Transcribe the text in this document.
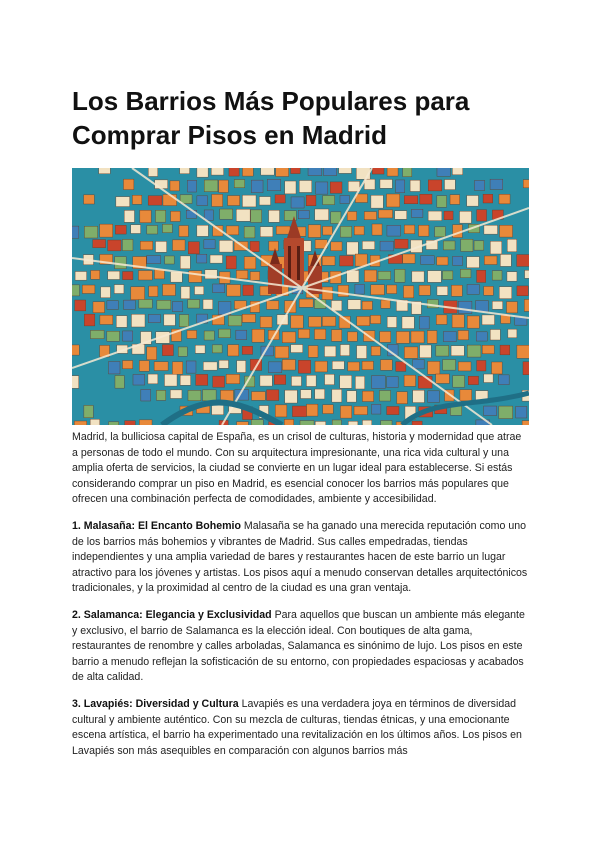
Los Barrios Más Populares para Comprar Pisos en Madrid

Madrid, la bulliciosa capital de España, es un crisol de culturas, historia y modernidad que atrae a personas de todo el mundo. Con su arquitectura impresionante, una rica vida cultural y una amplia oferta de servicios, la ciudad se convierte en un lugar ideal para establecerse. Si estás considerando comprar un piso en Madrid, es esencial conocer los barrios más populares que ofrecen una combinación perfecta de comodidades, ambiente y accesibilidad.

1. Malasaña: El Encanto Bohemio Malasaña se ha ganado una merecida reputación como uno de los barrios más bohemios y vibrantes de Madrid. Sus calles empedradas, tiendas independientes y una amplia variedad de bares y restaurantes hacen de este barrio un lugar atractivo para los jóvenes y artistas. Los pisos aquí a menudo conservan detalles arquitectónicos tradicionales, y la proximidad al centro de la ciudad es una gran ventaja.

2. Salamanca: Elegancia y Exclusividad Para aquellos que buscan un ambiente más elegante y exclusivo, el barrio de Salamanca es la elección ideal. Con boutiques de alta gama, restaurantes de renombre y calles arboladas, Salamanca es sinónimo de lujo. Los pisos en este barrio a menudo reflejan la sofisticación de su entorno, con propiedades espaciosas y acabados de alta calidad.

3. Lavapiés: Diversidad y Cultura Lavapiés es una verdadera joya en términos de diversidad cultural y ambiente auténtico. Con su mezcla de culturas, tiendas étnicas, y una emocionante escena artística, el barrio ha experimentado una revitalización en los últimos años. Los pisos en Lavapiés son más asequibles en comparación con algunos barrios más
